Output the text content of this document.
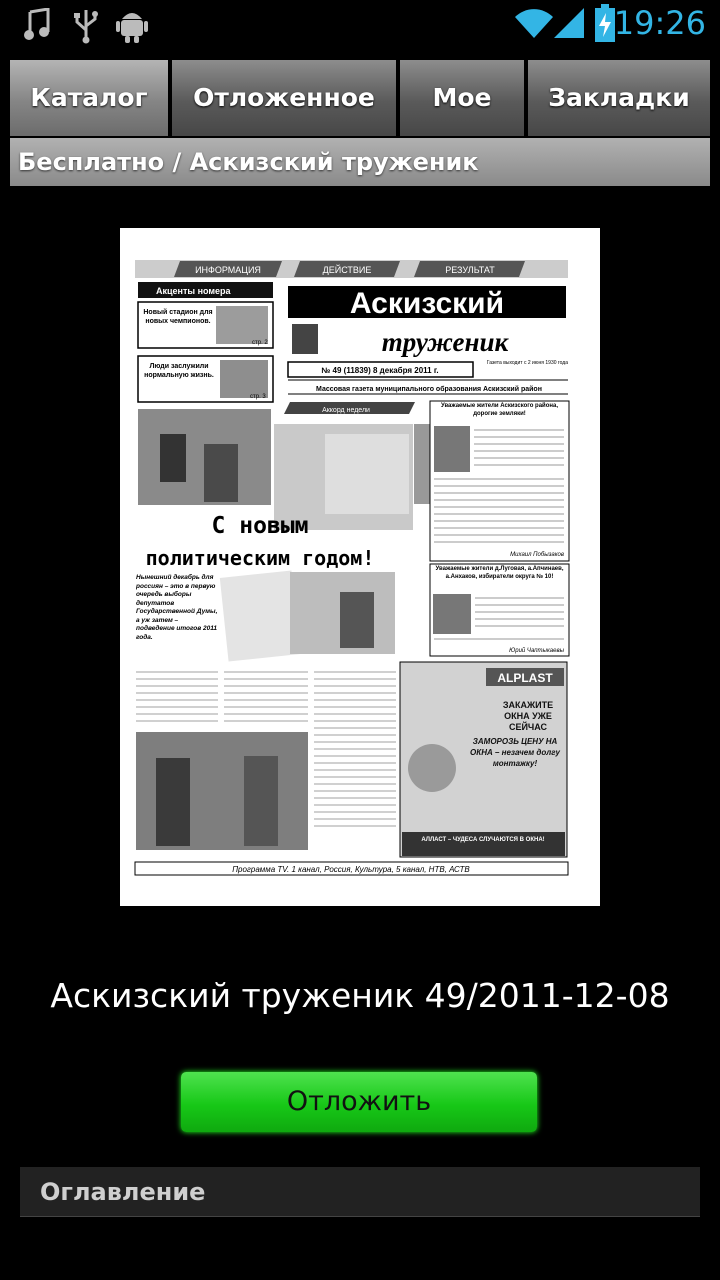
19:26
Каталог	Отложенное	Мое	Закладки
Бесплатно / Аскизский труженик
ИНФОРМАЦИЯ	ДЕЙСТВИЕ	РЕЗУЛЬТАТ
Акценты номера
Новый стадион для новых чемпионов.
стр. 2
Люди заслужили нормальную жизнь.
стр. 3
Аскизский
труженик
№ 49 (11839) 8 декабря 2011 г.
Газета выходит с 2 июня 1930 года
Массовая газета муниципального образования Аскизский район
Аккорд недели
Уважаемые жители Аскизского района, дорогие земляки!
Михаил Побызаков
С новым
политическим годом!
Нынешний декабрь для россиян – это в первую очередь выборы депутатов Государственной Думы, а уж затем – подведение итогов 2011 года.
Уважаемые жители д.Луговая, а.Апчинаев, а.Анхаков, избиратели округа № 10!
Юрий Чаптыкаевы
ALPLAST
ЗАКАЖИТЕ ОКНА УЖЕ СЕЙЧАС
ЗАМОРОЗЬ ЦЕНУ НА ОКНА – незачем долгу монтажку!
АЛЛАСТ – ЧУДЕСА СЛУЧАЮТСЯ В ОКНА!
Программа TV. 1 канал, Россия, Культура, 5 канал, НТВ, АСТВ
Аскизский труженик 49/2011-12-08
Отложить
Оглавление
